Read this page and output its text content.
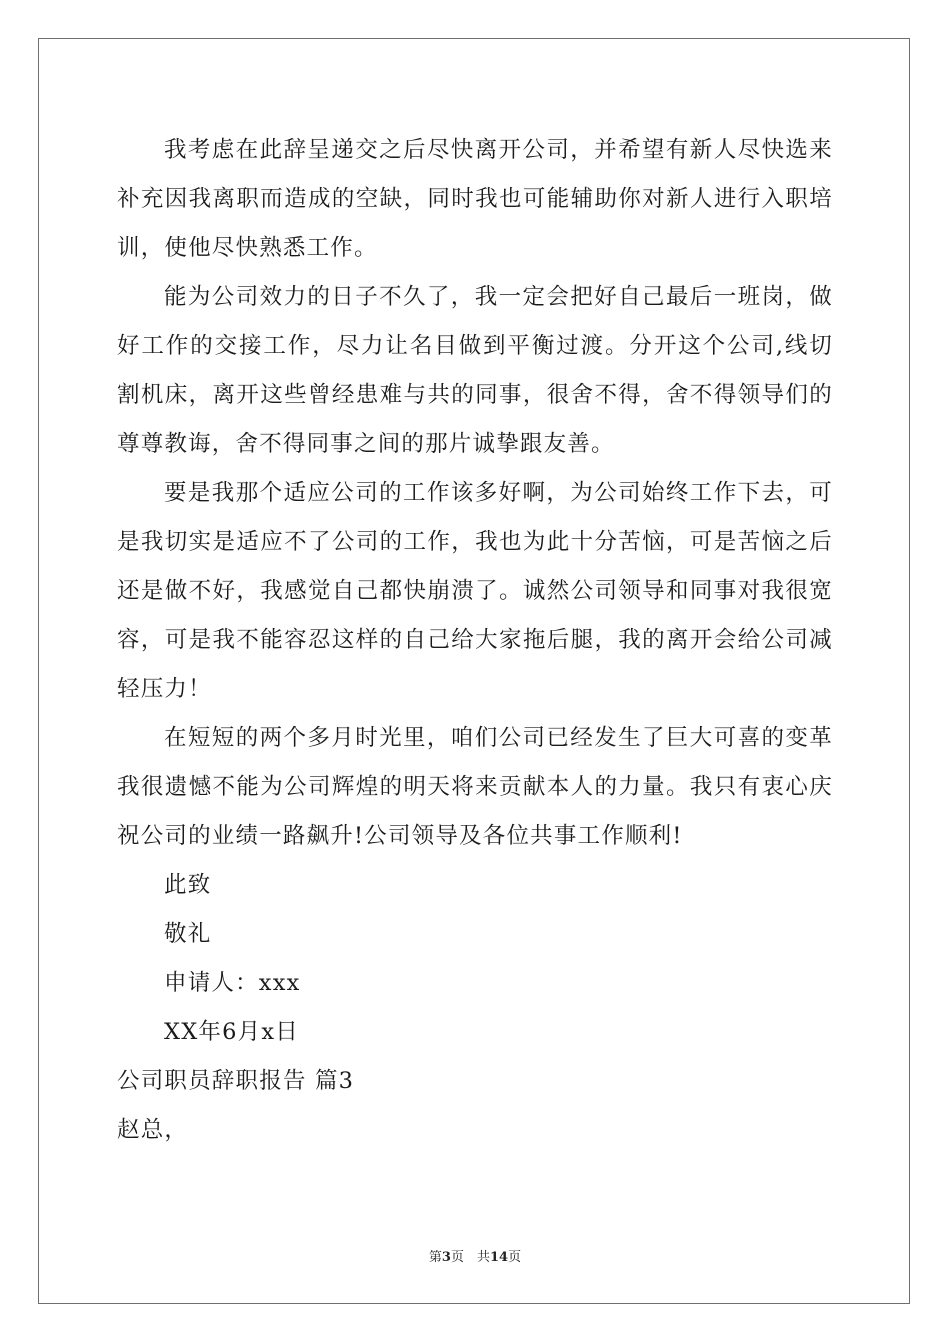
我考虑在此辞呈递交之后尽快离开公司，并希望有新人尽快选来补充因我离职而造成的空缺，同时我也可能辅助你对新人进行入职培训，使他尽快熟悉工作。

能为公司效力的日子不久了，我一定会把好自己最后一班岗，做好工作的交接工作，尽力让名目做到平衡过渡。分开这个公司,线切割机床，离开这些曾经患难与共的同事，很舍不得，舍不得领导们的尊尊教诲，舍不得同事之间的那片诚挚跟友善。

要是我那个适应公司的工作该多好啊，为公司始终工作下去，可是我切实是适应不了公司的工作，我也为此十分苦恼，可是苦恼之后还是做不好，我感觉自己都快崩溃了。诚然公司领导和同事对我很宽容，可是我不能容忍这样的自己给大家拖后腿，我的离开会给公司减轻压力！

在短短的两个多月时光里，咱们公司已经发生了巨大可喜的变革我很遗憾不能为公司辉煌的明天将来贡献本人的力量。我只有衷心庆祝公司的业绩一路飙升!公司领导及各位共事工作顺利!

此致

敬礼

申请人：xxx

XX年6月x日

公司职员辞职报告 篇3

赵总，

第3页　共14页
